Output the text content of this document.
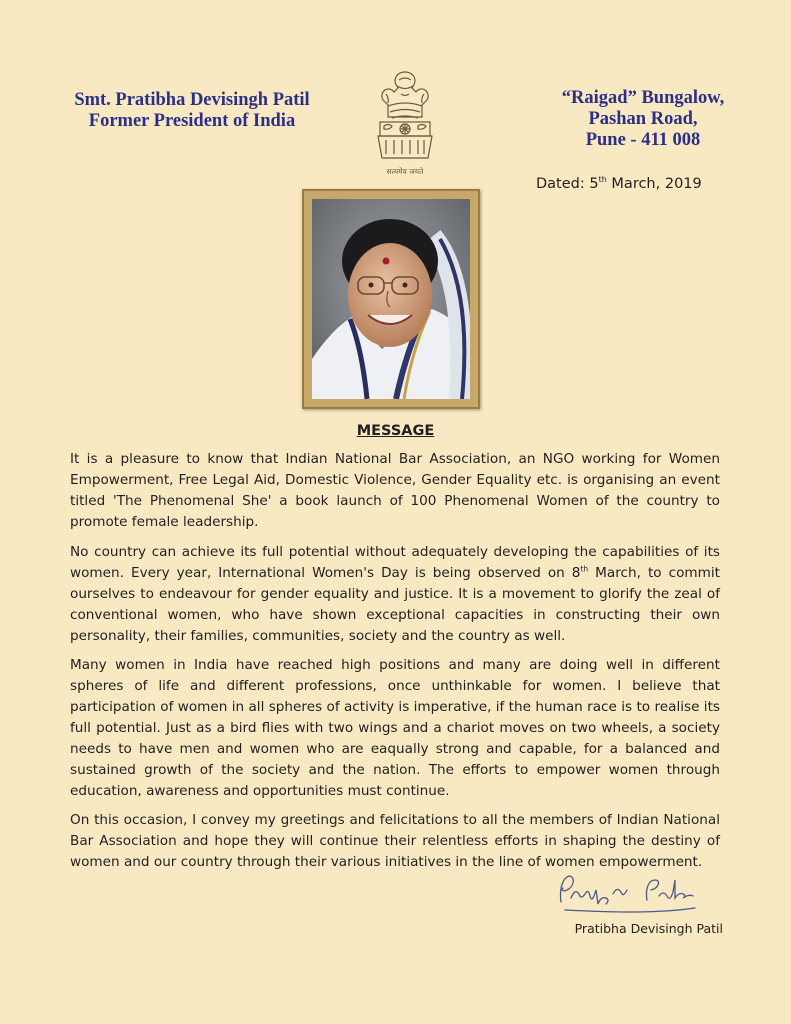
Smt. Pratibha Devisingh Patil
Former President of India
सत्यमेव जयते
“Raigad” Bungalow,
Pashan Road,
Pune - 411 008
Dated: 5th March, 2019
MESSAGE

It is a pleasure to know that Indian National Bar Association, an NGO working for Women Empowerment, Free Legal Aid, Domestic Violence, Gender Equality etc. is organising an event titled 'The Phenomenal She' a book launch of 100 Phenomenal Women of the country to promote female leadership.

No country can achieve its full potential without adequately developing the capabilities of its women. Every year, International Women's Day is being observed on 8th March, to commit ourselves to endeavour for gender equality and justice. It is a movement to glorify the zeal of conventional women, who have shown exceptional capacities in constructing their own personality, their families, communities, society and the country as well.

Many women in India have reached high positions and many are doing well in different spheres of life and different professions, once unthinkable for women. I believe that participation of women in all spheres of activity is imperative, if the human race is to realise its full potential. Just as a bird flies with two wings and a chariot moves on two wheels, a society needs to have men and women who are eaqually strong and capable, for a balanced and sustained growth of the society and the nation. The efforts to empower women through education, awareness and opportunities must continue.

On this occasion, I convey my greetings and felicitations to all the members of Indian National Bar Association and hope they will continue their relentless efforts in shaping the destiny of women and our country through their various initiatives in the line of women empowerment.

Pratibha Devisingh Patil
